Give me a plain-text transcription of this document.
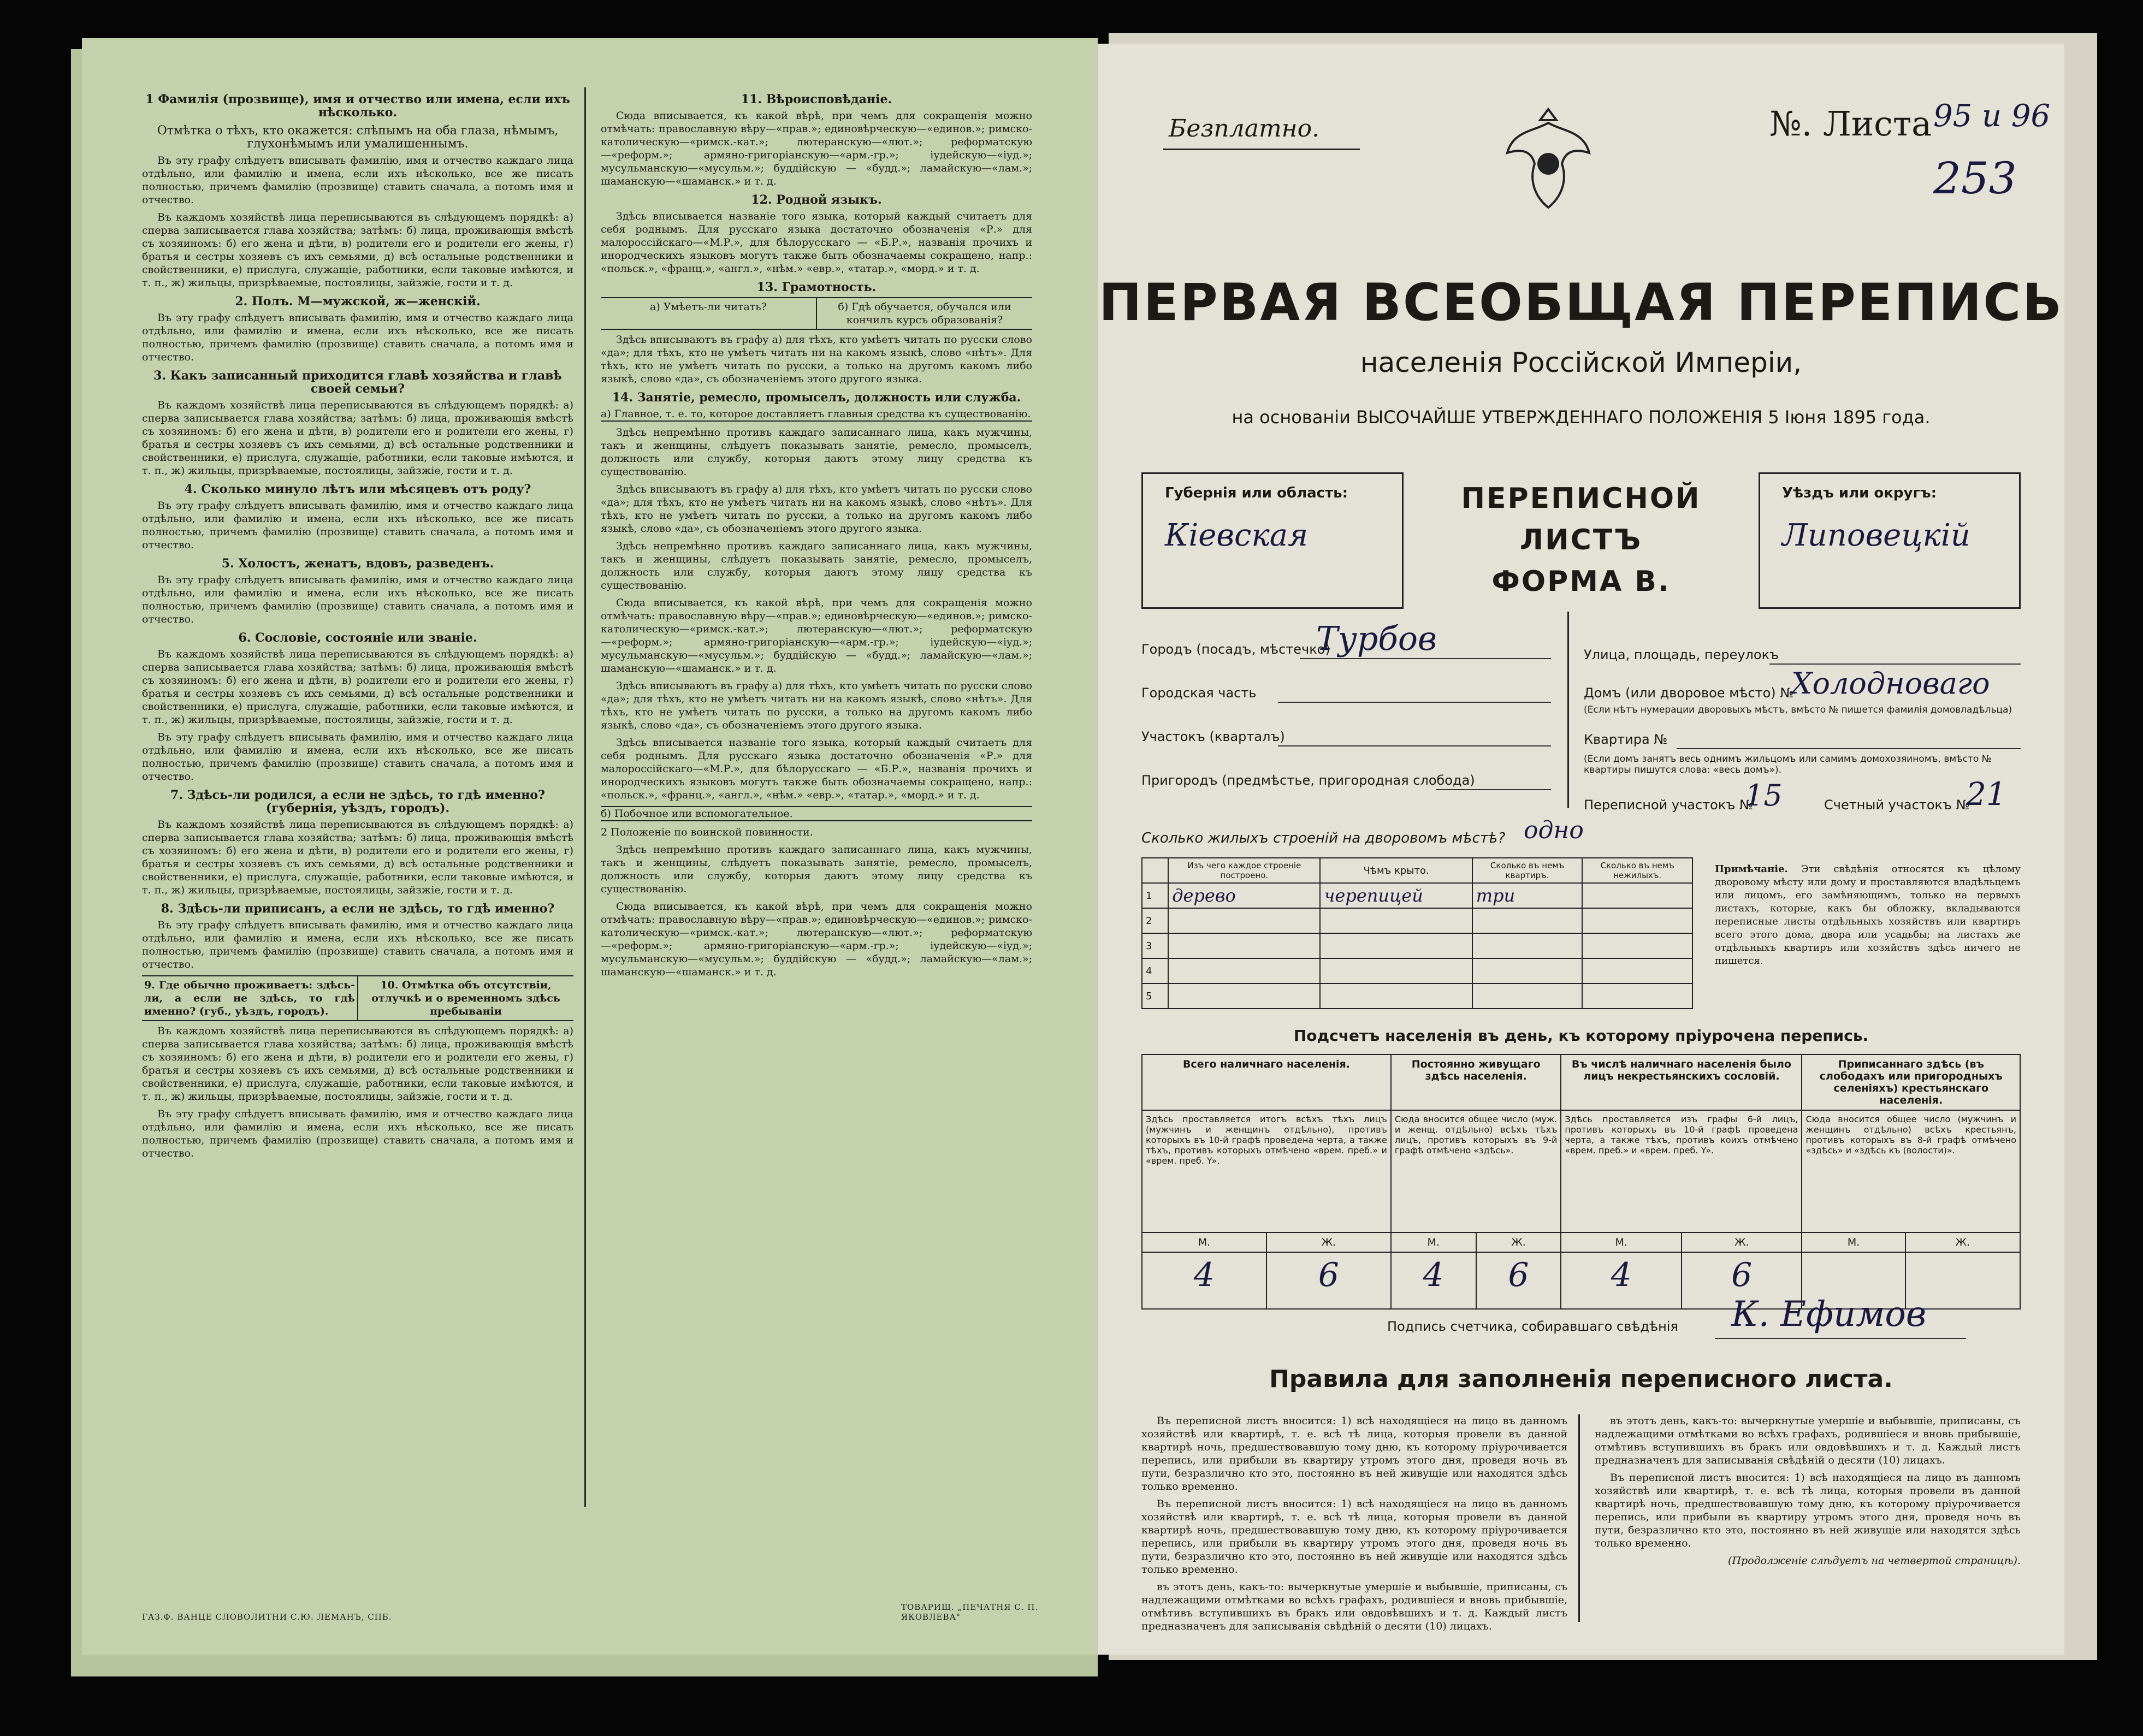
1 Фамилія (прозвище), имя и отчество или имена, если ихъ нѣсколько.
Отмѣтка о тѣхъ, кто окажется: слѣпымъ на оба глаза, нѣмымъ, глухонѣмымъ или умалишеннымъ.

Въ эту графу слѣдуетъ вписывать фамилію, имя и отчество каждаго лица отдѣльно, или фамилію и имена, если ихъ нѣсколько, все же писать полностью, причемъ фамилію (прозвище) ставить сначала, а потомъ имя и отчество.

Въ каждомъ хозяйствѣ лица переписываются въ слѣдующемъ порядкѣ: а) сперва записывается глава хозяйства; затѣмъ: б) лица, проживающія вмѣстѣ съ хозяиномъ: б) его жена и дѣти, в) родители его и родители его жены, г) братья и сестры хозяевъ съ ихъ семьями, д) всѣ остальные родственники и свойственники, е) прислуга, служащіе, работники, если таковые имѣются, и т. п., ж) жильцы, призрѣваемые, постоялицы, зайзжіе, гости и т. д.

2. Полъ. М—мужской, ж—женскій.

Въ эту графу слѣдуетъ вписывать фамилію, имя и отчество каждаго лица отдѣльно, или фамилію и имена, если ихъ нѣсколько, все же писать полностью, причемъ фамилію (прозвище) ставить сначала, а потомъ имя и отчество.

3. Какъ записанный приходится главѣ хозяйства и главѣ своей семьи?

Въ каждомъ хозяйствѣ лица переписываются въ слѣдующемъ порядкѣ: а) сперва записывается глава хозяйства; затѣмъ: б) лица, проживающія вмѣстѣ съ хозяиномъ: б) его жена и дѣти, в) родители его и родители его жены, г) братья и сестры хозяевъ съ ихъ семьями, д) всѣ остальные родственники и свойственники, е) прислуга, служащіе, работники, если таковые имѣются, и т. п., ж) жильцы, призрѣваемые, постоялицы, зайзжіе, гости и т. д.

4. Сколько минуло лѣтъ или мѣсяцевъ отъ роду?

Въ эту графу слѣдуетъ вписывать фамилію, имя и отчество каждаго лица отдѣльно, или фамилію и имена, если ихъ нѣсколько, все же писать полностью, причемъ фамилію (прозвище) ставить сначала, а потомъ имя и отчество.

5. Холостъ, женатъ, вдовъ, разведенъ.

Въ эту графу слѣдуетъ вписывать фамилію, имя и отчество каждаго лица отдѣльно, или фамилію и имена, если ихъ нѣсколько, все же писать полностью, причемъ фамилію (прозвище) ставить сначала, а потомъ имя и отчество.

6. Сословіе, состояніе или званіе.

Въ каждомъ хозяйствѣ лица переписываются въ слѣдующемъ порядкѣ: а) сперва записывается глава хозяйства; затѣмъ: б) лица, проживающія вмѣстѣ съ хозяиномъ: б) его жена и дѣти, в) родители его и родители его жены, г) братья и сестры хозяевъ съ ихъ семьями, д) всѣ остальные родственники и свойственники, е) прислуга, служащіе, работники, если таковые имѣются, и т. п., ж) жильцы, призрѣваемые, постоялицы, зайзжіе, гости и т. д.

Въ эту графу слѣдуетъ вписывать фамилію, имя и отчество каждаго лица отдѣльно, или фамилію и имена, если ихъ нѣсколько, все же писать полностью, причемъ фамилію (прозвище) ставить сначала, а потомъ имя и отчество.

7. Здѣсь-ли родился, а если не здѣсь, то гдѣ именно? (губернія, уѣздъ, городъ).

Въ каждомъ хозяйствѣ лица переписываются въ слѣдующемъ порядкѣ: а) сперва записывается глава хозяйства; затѣмъ: б) лица, проживающія вмѣстѣ съ хозяиномъ: б) его жена и дѣти, в) родители его и родители его жены, г) братья и сестры хозяевъ съ ихъ семьями, д) всѣ остальные родственники и свойственники, е) прислуга, служащіе, работники, если таковые имѣются, и т. п., ж) жильцы, призрѣваемые, постоялицы, зайзжіе, гости и т. д.

8. Здѣсь-ли приписанъ, а если не здѣсь, то гдѣ именно?

Въ эту графу слѣдуетъ вписывать фамилію, имя и отчество каждаго лица отдѣльно, или фамилію и имена, если ихъ нѣсколько, все же писать полностью, причемъ фамилію (прозвище) ставить сначала, а потомъ имя и отчество.

9. Где обычно проживаетъ: здѣсь-ли, а если не здѣсь, то гдѣ именно? (губ., уѣздъ, городъ).
10. Отмѣтка объ отсутствіи, отлучкѣ и о временномъ здѣсь пребываніи

Въ каждомъ хозяйствѣ лица переписываются въ слѣдующемъ порядкѣ: а) сперва записывается глава хозяйства; затѣмъ: б) лица, проживающія вмѣстѣ съ хозяиномъ: б) его жена и дѣти, в) родители его и родители его жены, г) братья и сестры хозяевъ съ ихъ семьями, д) всѣ остальные родственники и свойственники, е) прислуга, служащіе, работники, если таковые имѣются, и т. п., ж) жильцы, призрѣваемые, постоялицы, зайзжіе, гости и т. д.

Въ эту графу слѣдуетъ вписывать фамилію, имя и отчество каждаго лица отдѣльно, или фамилію и имена, если ихъ нѣсколько, все же писать полностью, причемъ фамилію (прозвище) ставить сначала, а потомъ имя и отчество.

11. Вѣроисповѣданіе.

Сюда вписывается, къ какой вѣрѣ, при чемъ для сокращенія можно отмѣчать: православную вѣру—«прав.»; единовѣрческую—«единов.»; римско-католическую—«римск.-кат.»; лютеранскую—«лют.»; реформатскую—«реформ.»; армяно-григоріанскую—«арм.-гр.»; іудейскую—«іуд.»; мусульманскую—«мусульм.»; буддійскую — «будд.»; ламайскую—«лам.»; шаманскую—«шаманск.» и т. д.

12. Родной языкъ.

Здѣсь вписывается названіе того языка, который каждый считаетъ для себя роднымъ. Для русскаго языка достаточно обозначенія «Р.» для малороссійскаго—«М.Р.», для бѣлорусскаго — «Б.Р.», названія прочихъ и инородческихъ языковъ могутъ также быть обозначаемы сокращено, напр.: «польск.», «франц.», «англ.», «нѣм.» «евр.», «татар.», «морд.» и т. д.

13. Грамотность.
а) Умѣетъ-ли читать?	б) Гдѣ обучается, обучался или кончилъ курсъ образованія?

Здѣсь вписываютъ въ графу а) для тѣхъ, кто умѣетъ читать по русски слово «да»; для тѣхъ, кто не умѣетъ читать ни на какомъ языкѣ, слово «нѣтъ». Для тѣхъ, кто не умѣетъ читать по русски, а только на другомъ какомъ либо языкѣ, слово «да», съ обозначеніемъ этого другого языка.

14. Занятіе, ремесло, промыселъ, должность или служба.

а) Главное, т. е. то, которое доставляетъ главныя средства къ существованію.

Здѣсь непремѣнно противъ каждаго записаннаго лица, какъ мужчины, такъ и женщины, слѣдуетъ показывать занятіе, ремесло, промыселъ, должность или службу, которыя даютъ этому лицу средства къ существованію.

Здѣсь вписываютъ въ графу а) для тѣхъ, кто умѣетъ читать по русски слово «да»; для тѣхъ, кто не умѣетъ читать ни на какомъ языкѣ, слово «нѣтъ». Для тѣхъ, кто не умѣетъ читать по русски, а только на другомъ какомъ либо языкѣ, слово «да», съ обозначеніемъ этого другого языка.

Здѣсь непремѣнно противъ каждаго записаннаго лица, какъ мужчины, такъ и женщины, слѣдуетъ показывать занятіе, ремесло, промыселъ, должность или службу, которыя даютъ этому лицу средства къ существованію.

Сюда вписывается, къ какой вѣрѣ, при чемъ для сокращенія можно отмѣчать: православную вѣру—«прав.»; единовѣрческую—«единов.»; римско-католическую—«римск.-кат.»; лютеранскую—«лют.»; реформатскую—«реформ.»; армяно-григоріанскую—«арм.-гр.»; іудейскую—«іуд.»; мусульманскую—«мусульм.»; буддійскую — «будд.»; ламайскую—«лам.»; шаманскую—«шаманск.» и т. д.

Здѣсь вписываютъ въ графу а) для тѣхъ, кто умѣетъ читать по русски слово «да»; для тѣхъ, кто не умѣетъ читать ни на какомъ языкѣ, слово «нѣтъ». Для тѣхъ, кто не умѣетъ читать по русски, а только на другомъ какомъ либо языкѣ, слово «да», съ обозначеніемъ этого другого языка.

Здѣсь вписывается названіе того языка, который каждый считаетъ для себя роднымъ. Для русскаго языка достаточно обозначенія «Р.» для малороссійскаго—«М.Р.», для бѣлорусскаго — «Б.Р.», названія прочихъ и инородческихъ языковъ могутъ также быть обозначаемы сокращено, напр.: «польск.», «франц.», «англ.», «нѣм.» «евр.», «татар.», «морд.» и т. д.

б) Побочное или вспомогательное.

2 Положеніе по воинской повинности.

Здѣсь непремѣнно противъ каждаго записаннаго лица, какъ мужчины, такъ и женщины, слѣдуетъ показывать занятіе, ремесло, промыселъ, должность или службу, которыя даютъ этому лицу средства къ существованію.

Сюда вписывается, къ какой вѣрѣ, при чемъ для сокращенія можно отмѣчать: православную вѣру—«прав.»; единовѣрческую—«единов.»; римско-католическую—«римск.-кат.»; лютеранскую—«лют.»; реформатскую—«реформ.»; армяно-григоріанскую—«арм.-гр.»; іудейскую—«іуд.»; мусульманскую—«мусульм.»; буддійскую — «будд.»; ламайскую—«лам.»; шаманскую—«шаманск.» и т. д.

ГАЗ.Ф. ВАНЦЕ СЛОВОЛИТНИ С.Ю. ЛЕМАНЪ, СПБ.
ТОВАРИЩ. „ПЕЧАТНЯ С. П. ЯКОВЛЕВА"
Безплатно.	№. Листа 95 и 96
253
ПЕРВАЯ ВСЕОБЩАЯ ПЕРЕПИСЬ
населенія Россійской Имперіи,
на основаніи ВЫСОЧАЙШЕ УТВЕРЖДЕННАГО ПОЛОЖЕНІЯ 5 Іюня 1895 года.
Губернія или область:
Кіевская
ПЕРЕПИСНОЙ ЛИСТЪ
ФОРМА В.
Уѣздъ или округъ:
Липовецкій
Городъ (посадъ, мѣстечко)
Турбов
Городская часть
Участокъ (кварталъ)
Пригородъ (предмѣстье, пригородная слобода)
Улица, площадь, переулокъ
Домъ (или дворовое мѣсто) №
Холодноваго
(Если нѣтъ нумерации дворовыхъ мѣстъ, вмѣсто № пишется фамилія домовладѣльца)
Квартира №
(Если домъ занятъ весь однимъ жильцомъ или самимъ домохозяиномъ, вмѣсто № квартиры пишутся слова: «весь домъ»).
Переписной участокъ №
15	Счетный участокъ №
21
Сколько жилыхъ строеній на дворовомъ мѣстѣ? одно
	Изъ чего каждое строеніе построено.	Чѣмъ крыто.	Сколько въ немъ квартиръ.	Сколько въ немъ нежилыхъ.
1	дерево	черепицей	три	
2				
3				
4				
5				
Примѣчаніе. Эти свѣдѣнія относятся къ цѣлому дворовому мѣсту или дому и проставляются владѣльцемъ или лицомъ, его замѣняющимъ, только на первыхъ листахъ, которые, какъ бы обложку, вкладываются переписные листы отдѣльныхъ хозяйствъ или квартиръ всего этого дома, двора или усадьбы; на листахъ же отдѣльныхъ квартиръ или хозяйствъ здѣсь ничего не пишется.
Подсчетъ населенія въ день, къ которому пріурочена перепись.
Всего наличнаго населенія.		Постоянно живущаго здѣсь населенія.		Въ числѣ наличнаго населенія было лицъ некрестьянскихъ сословій.		Приписаннаго здѣсь (въ слободахъ или пригородныхъ селеніяхъ) крестьянскаго населенія.	
Здѣсь проставляется итогъ всѣхъ тѣхъ лицъ (мужчинъ и женщинъ отдѣльно), противъ которыхъ въ 10-й графѣ проведена черта, а также тѣхъ, противъ которыхъ отмѣчено «врем. преб.» и «врем. преб. Y».		Сюда вносится общее число (муж. и женщ. отдѣльно) всѣхъ тѣхъ лицъ, противъ которыхъ въ 9-й графѣ отмѣчено «здѣсь».		Здѣсь проставляется изъ графы 6-й лицъ, противъ которыхъ въ 10-й графѣ проведена черта, а также тѣхъ, противъ коихъ отмѣчено «врем. преб.» и «врем. преб. Y».		Сюда вносится общее число (мужчинъ и женщинъ отдѣльно) всѣхъ крестьянъ, противъ которыхъ въ 8-й графѣ отмѣчено «здѣсь» и «здѣсь къ (волости)».	
М.	Ж.	М.	Ж.	М.	Ж.	М.	Ж.
4	6	4	6	4	6		
Подпись счетчика, собиравшаго свѣдѣнія К. Ефимов
Правила для заполненія переписного листа.

Въ переписной листъ вносится: 1) всѣ находящіеся на лицо въ данномъ хозяйствѣ или квартирѣ, т. е. всѣ тѣ лица, которыя провели въ данной квартирѣ ночь, предшествовавшую тому дню, къ которому пріурочивается перепись, или прибыли въ квартиру утромъ этого дня, проведя ночь въ пути, безразлично кто это, постоянно въ ней живущіе или находятся здѣсь только временно.

Въ переписной листъ вносится: 1) всѣ находящіеся на лицо въ данномъ хозяйствѣ или квартирѣ, т. е. всѣ тѣ лица, которыя провели въ данной квартирѣ ночь, предшествовавшую тому дню, къ которому пріурочивается перепись, или прибыли въ квартиру утромъ этого дня, проведя ночь въ пути, безразлично кто это, постоянно въ ней живущіе или находятся здѣсь только временно.

въ этотъ день, какъ-то: вычеркнутые умершіе и выбывшіе, приписаны, съ надлежащими отмѣтками во всѣхъ графахъ, родившіеся и вновь прибывшіе, отмѣтивъ вступившихъ въ бракъ или овдовѣвшихъ и т. д. Каждый листъ предназначенъ для записыванія свѣдѣній о десяти (10) лицахъ.

въ этотъ день, какъ-то: вычеркнутые умершіе и выбывшіе, приписаны, съ надлежащими отмѣтками во всѣхъ графахъ, родившіеся и вновь прибывшіе, отмѣтивъ вступившихъ въ бракъ или овдовѣвшихъ и т. д. Каждый листъ предназначенъ для записыванія свѣдѣній о десяти (10) лицахъ.

Въ переписной листъ вносится: 1) всѣ находящіеся на лицо въ данномъ хозяйствѣ или квартирѣ, т. е. всѣ тѣ лица, которыя провели въ данной квартирѣ ночь, предшествовавшую тому дню, къ которому пріурочивается перепись, или прибыли въ квартиру утромъ этого дня, проведя ночь въ пути, безразлично кто это, постоянно въ ней живущіе или находятся здѣсь только временно.

(Продолженіе слѣдуетъ на четвертой страницѣ).
